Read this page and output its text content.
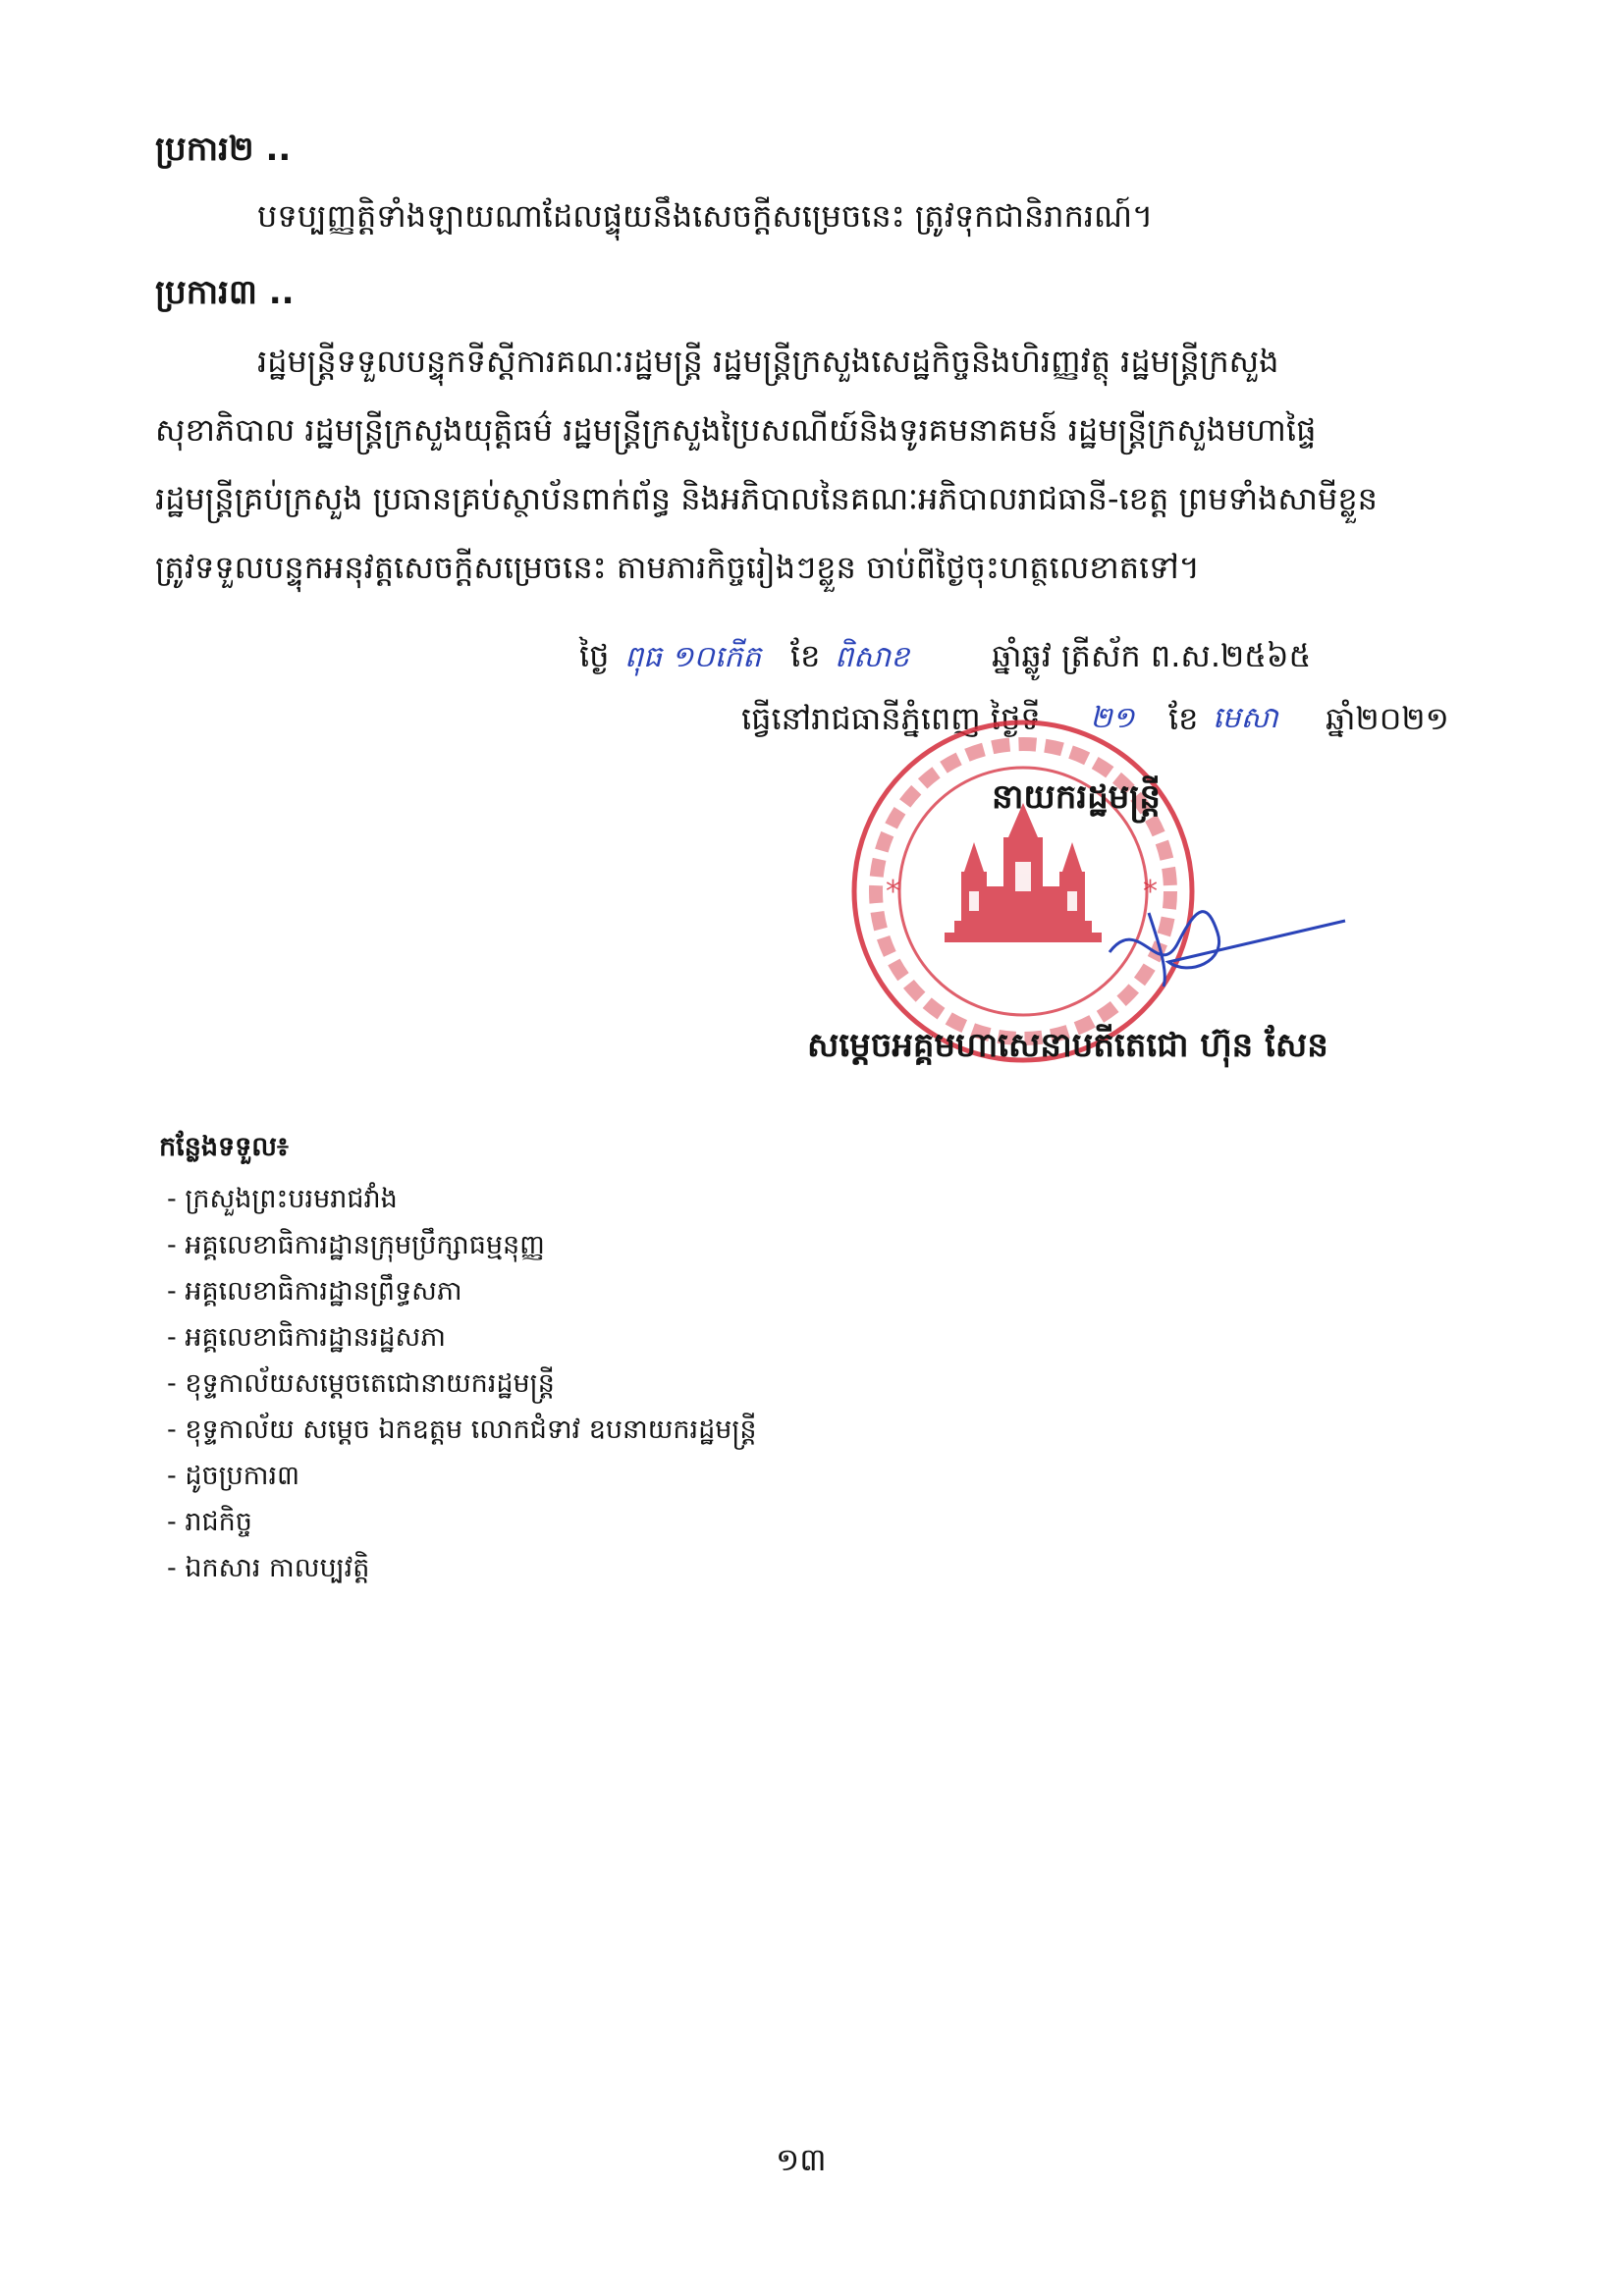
ប្រការ២ ..
បទប្បញ្ញត្តិទាំងឡាយណាដែលផ្ទុយនឹងសេចក្ដីសម្រេចនេះ ត្រូវទុកជានិរាករណ៍។
ប្រការ៣ ..
រដ្ឋមន្ត្រីទទួលបន្ទុកទីស្ដីការគណៈរដ្ឋមន្ត្រី រដ្ឋមន្ត្រីក្រសួងសេដ្ឋកិច្ចនិងហិរញ្ញវត្ថុ រដ្ឋមន្ត្រីក្រសួង
សុខាភិបាល រដ្ឋមន្ត្រីក្រសួងយុត្តិធម៌ រដ្ឋមន្ត្រីក្រសួងប្រៃសណីយ៍និងទូរគមនាគមន៍ រដ្ឋមន្ត្រីក្រសួងមហាផ្ទៃ
រដ្ឋមន្ត្រីគ្រប់ក្រសួង ប្រធានគ្រប់ស្ថាប័នពាក់ព័ន្ធ និងអភិបាលនៃគណៈអភិបាលរាជធានី-ខេត្ត ព្រមទាំងសាមីខ្លួន
ត្រូវទទួលបន្ទុកអនុវត្តសេចក្ដីសម្រេចនេះ តាមភារកិច្ចរៀងៗខ្លួន ចាប់ពីថ្ងៃចុះហត្ថលេខាតទៅ។
ថ្ងៃ ពុធ ១០កើត ខែ ពិសាខ	ឆ្នាំឆ្លូវ ត្រីស័ក ព.ស.២៥៦៥
ធ្វើនៅរាជធានីភ្នំពេញ ថ្ងៃទី ២១ ខែ មេសា ឆ្នាំ២០២១
*	*
នាយករដ្ឋមន្ត្រី
សម្ដេចអគ្គមហាសេនាបតីតេជោ ហ៊ុន សែន
កន្លែងទទួល៖
- ក្រសួងព្រះបរមរាជវាំង
- អគ្គលេខាធិការដ្ឋានក្រុមប្រឹក្សាធម្មនុញ្ញ
- អគ្គលេខាធិការដ្ឋានព្រឹទ្ធសភា
- អគ្គលេខាធិការដ្ឋានរដ្ឋសភា
- ខុទ្ទកាល័យសម្ដេចតេជោនាយករដ្ឋមន្ត្រី
- ខុទ្ទកាល័យ សម្ដេច ឯកឧត្តម លោកជំទាវ ឧបនាយករដ្ឋមន្ត្រី
- ដូចប្រការ៣
- រាជកិច្ច
- ឯកសារ កាលប្បវត្តិ
១៣
